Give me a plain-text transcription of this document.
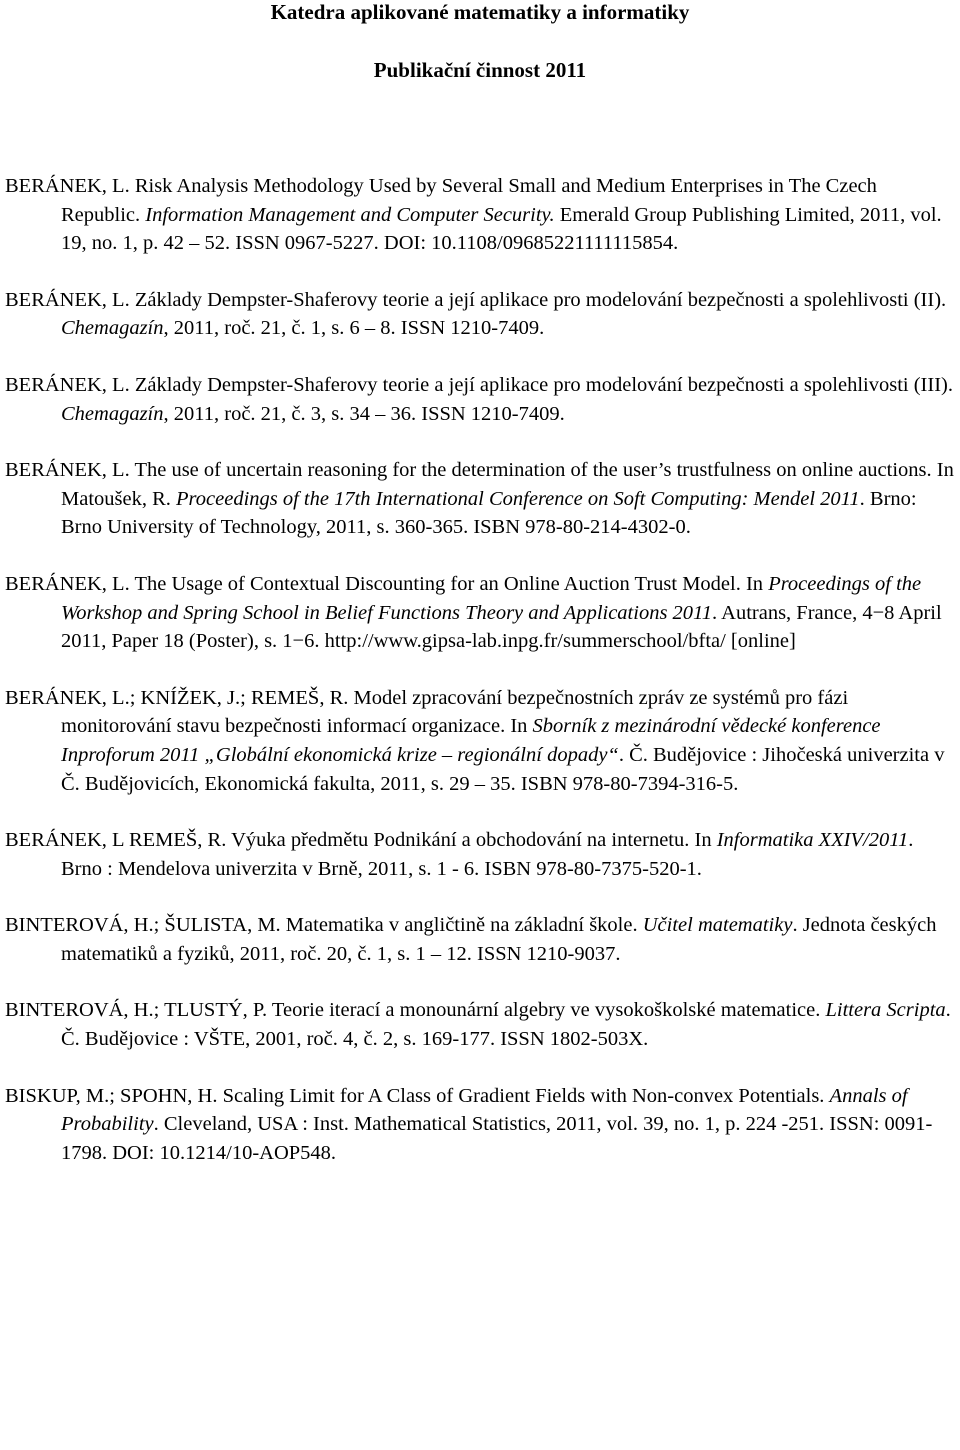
Katedra aplikované matematiky a informatiky
Publikační činnost 2011

BERÁNEK, L. Risk Analysis Methodology Used by Several Small and Medium Enterprises in The Czech Republic. Information Management and Computer Security. Emerald Group Publishing Limited, 2011, vol. 19, no. 1, p. 42 – 52. ISSN 0967-5227. DOI: 10.1108/09685221111115854.

BERÁNEK, L. Základy Dempster-Shaferovy teorie a její aplikace pro modelování bezpečnosti a spolehlivosti (II). Chemagazín, 2011, roč. 21, č. 1, s. 6 – 8. ISSN 1210-7409.

BERÁNEK, L. Základy Dempster-Shaferovy teorie a její aplikace pro modelování bezpečnosti a spolehlivosti (III). Chemagazín, 2011, roč. 21, č. 3, s. 34 – 36. ISSN 1210-7409.

BERÁNEK, L. The use of uncertain reasoning for the determination of the user’s trustfulness on online auctions. In Matoušek, R. Proceedings of the 17th International Conference on Soft Computing: Mendel 2011. Brno: Brno University of Technology, 2011, s. 360-365. ISBN 978-80-214-4302-0.

BERÁNEK, L. The Usage of Contextual Discounting for an Online Auction Trust Model. In Proceedings of the Workshop and Spring School in Belief Functions Theory and Applications 2011. Autrans, France, 4−8 April 2011, Paper 18 (Poster), s. 1−6. http://www.gipsa-lab.inpg.fr/summerschool/bfta/ [online]

BERÁNEK, L.; KNÍŽEK, J.; REMEŠ, R. Model zpracování bezpečnostních zpráv ze systémů pro fázi monitorování stavu bezpečnosti informací organizace. In Sborník z mezinárodní vědecké konference Inproforum 2011 „Globální ekonomická krize – regionální dopady“. Č. Budějovice : Jihočeská univerzita v Č. Budějovicích, Ekonomická fakulta, 2011, s. 29 – 35. ISBN 978-80-7394-316-5.

BERÁNEK, L REMEŠ, R. Výuka předmětu Podnikání a obchodování na internetu. In Informatika XXIV/2011. Brno : Mendelova univerzita v Brně, 2011, s. 1 - 6. ISBN 978-80-7375-520-1.

BINTEROVÁ, H.; ŠULISTA, M. Matematika v angličtině na základní škole. Učitel matematiky. Jednota českých matematiků a fyziků, 2011, roč. 20, č. 1, s. 1 – 12. ISSN 1210-9037.

BINTEROVÁ, H.; TLUSTÝ, P. Teorie iterací a monounární algebry ve vysokoškolské matematice. Littera Scripta. Č. Budějovice : VŠTE, 2001, roč. 4, č. 2, s. 169-177. ISSN 1802-503X.

BISKUP, M.; SPOHN, H. Scaling Limit for A Class of Gradient Fields with Non-convex Potentials. Annals of Probability. Cleveland, USA : Inst. Mathematical Statistics, 2011, vol. 39, no. 1, p. 224 -251. ISSN: 0091-1798. DOI: 10.1214/10-AOP548.
